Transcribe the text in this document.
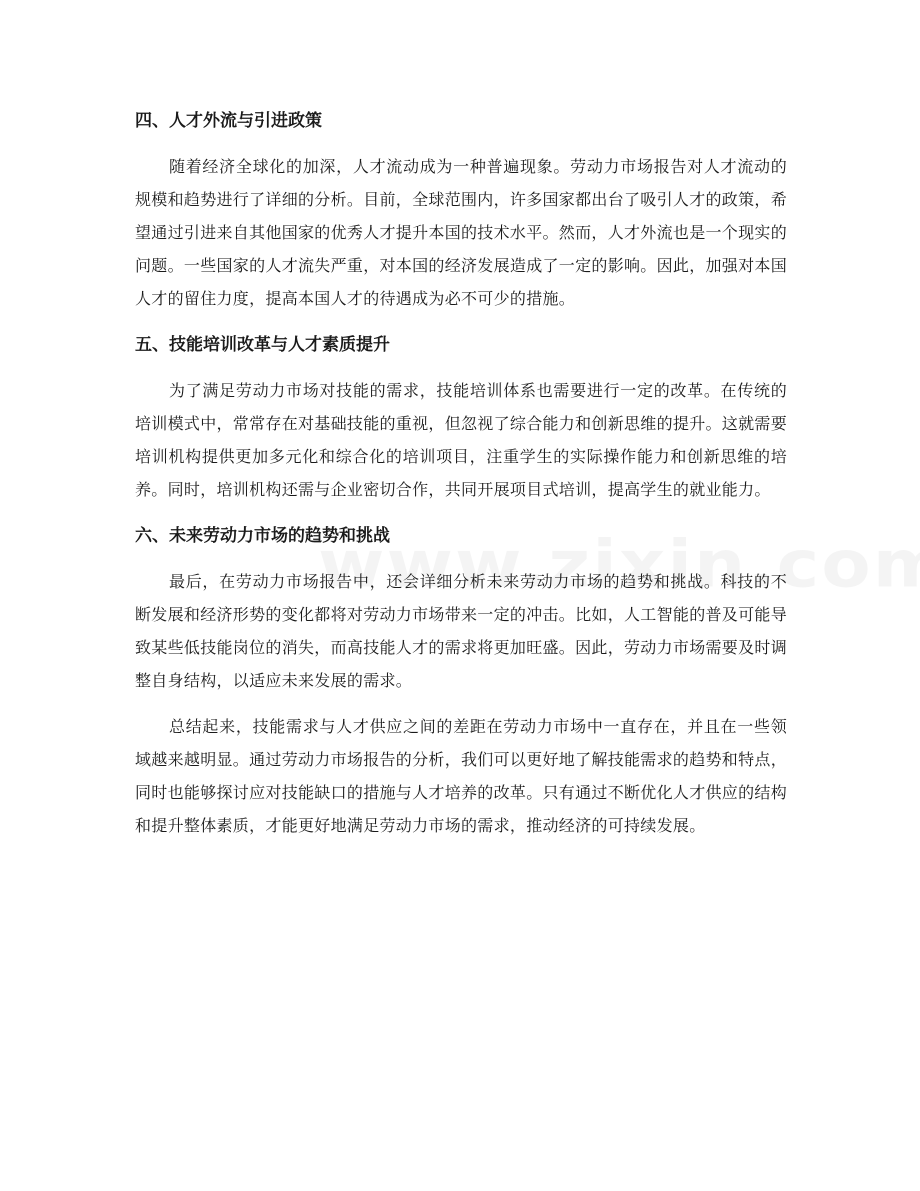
四、人才外流与引进政策

随着经济全球化的加深，人才流动成为一种普遍现象。劳动力市场报告对人才流动的规模和趋势进行了详细的分析。目前，全球范围内，许多国家都出台了吸引人才的政策，希望通过引进来自其他国家的优秀人才提升本国的技术水平。然而，人才外流也是一个现实的问题。一些国家的人才流失严重，对本国的经济发展造成了一定的影响。因此，加强对本国人才的留住力度，提高本国人才的待遇成为必不可少的措施。

五、技能培训改革与人才素质提升

为了满足劳动力市场对技能的需求，技能培训体系也需要进行一定的改革。在传统的培训模式中，常常存在对基础技能的重视，但忽视了综合能力和创新思维的提升。这就需要培训机构提供更加多元化和综合化的培训项目，注重学生的实际操作能力和创新思维的培养。同时，培训机构还需与企业密切合作，共同开展项目式培训，提高学生的就业能力。

六、未来劳动力市场的趋势和挑战

最后，在劳动力市场报告中，还会详细分析未来劳动力市场的趋势和挑战。科技的不断发展和经济形势的变化都将对劳动力市场带来一定的冲击。比如，人工智能的普及可能导致某些低技能岗位的消失，而高技能人才的需求将更加旺盛。因此，劳动力市场需要及时调整自身结构，以适应未来发展的需求。

总结起来，技能需求与人才供应之间的差距在劳动力市场中一直存在，并且在一些领域越来越明显。通过劳动力市场报告的分析，我们可以更好地了解技能需求的趋势和特点，同时也能够探讨应对技能缺口的措施与人才培养的改革。只有通过不断优化人才供应的结构和提升整体素质，才能更好地满足劳动力市场的需求，推动经济的可持续发展。
